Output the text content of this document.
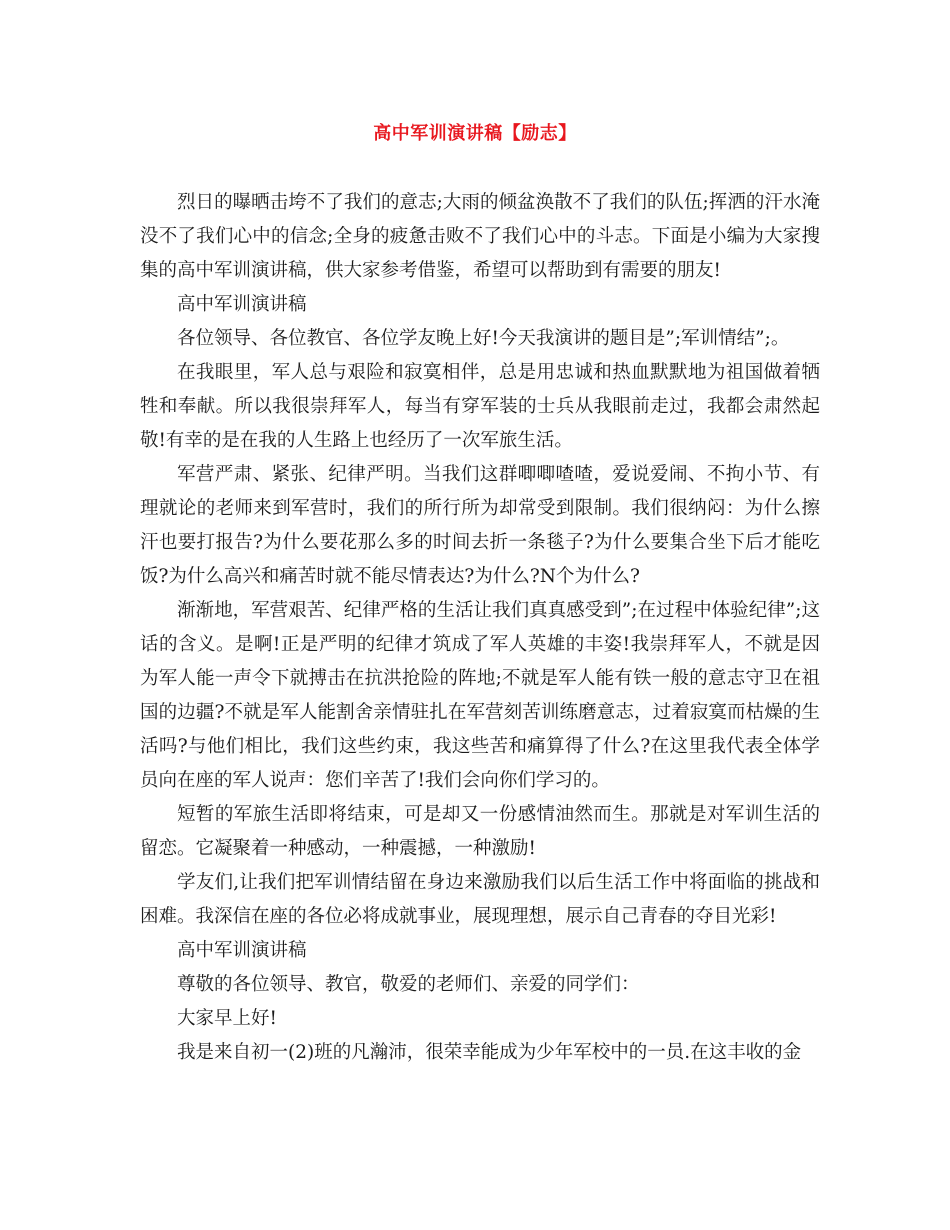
高中军训演讲稿【励志】

烈日的曝晒击垮不了我们的意志;大雨的倾盆涣散不了我们的队伍;挥洒的汗水淹没不了我们心中的信念;全身的疲惫击败不了我们心中的斗志。下面是小编为大家搜集的高中军训演讲稿，供大家参考借鉴，希望可以帮助到有需要的朋友!

高中军训演讲稿

各位领导、各位教官、各位学友晚上好!今天我演讲的题目是”;军训情结”;。

在我眼里，军人总与艰险和寂寞相伴，总是用忠诚和热血默默地为祖国做着牺牲和奉献。所以我很崇拜军人，每当有穿军装的士兵从我眼前走过，我都会肃然起敬!有幸的是在我的人生路上也经历了一次军旅生活。

军营严肃、紧张、纪律严明。当我们这群唧唧喳喳，爱说爱闹、不拘小节、有理就论的老师来到军营时，我们的所行所为却常受到限制。我们很纳闷：为什么擦汗也要打报告?为什么要花那么多的时间去折一条毯子?为什么要集合坐下后才能吃饭?为什么高兴和痛苦时就不能尽情表达?为什么?N个为什么?

渐渐地，军营艰苦、纪律严格的生活让我们真真感受到”;在过程中体验纪律”;这话的含义。是啊!正是严明的纪律才筑成了军人英雄的丰姿!我崇拜军人，不就是因为军人能一声令下就搏击在抗洪抢险的阵地;不就是军人能有铁一般的意志守卫在祖国的边疆?不就是军人能割舍亲情驻扎在军营刻苦训练磨意志，过着寂寞而枯燥的生活吗?与他们相比，我们这些约束，我这些苦和痛算得了什么?在这里我代表全体学员向在座的军人说声：您们辛苦了!我们会向你们学习的。

短暂的军旅生活即将结束，可是却又一份感情油然而生。那就是对军训生活的留恋。它凝聚着一种感动，一种震撼，一种激励!

学友们,让我们把军训情结留在身边来激励我们以后生活工作中将面临的挑战和困难。我深信在座的各位必将成就事业，展现理想，展示自己青春的夺目光彩!

高中军训演讲稿

尊敬的各位领导、教官，敬爱的老师们、亲爱的同学们：

大家早上好!

我是来自初一(2)班的凡瀚沛，很荣幸能成为少年军校中的一员.在这丰收的金
